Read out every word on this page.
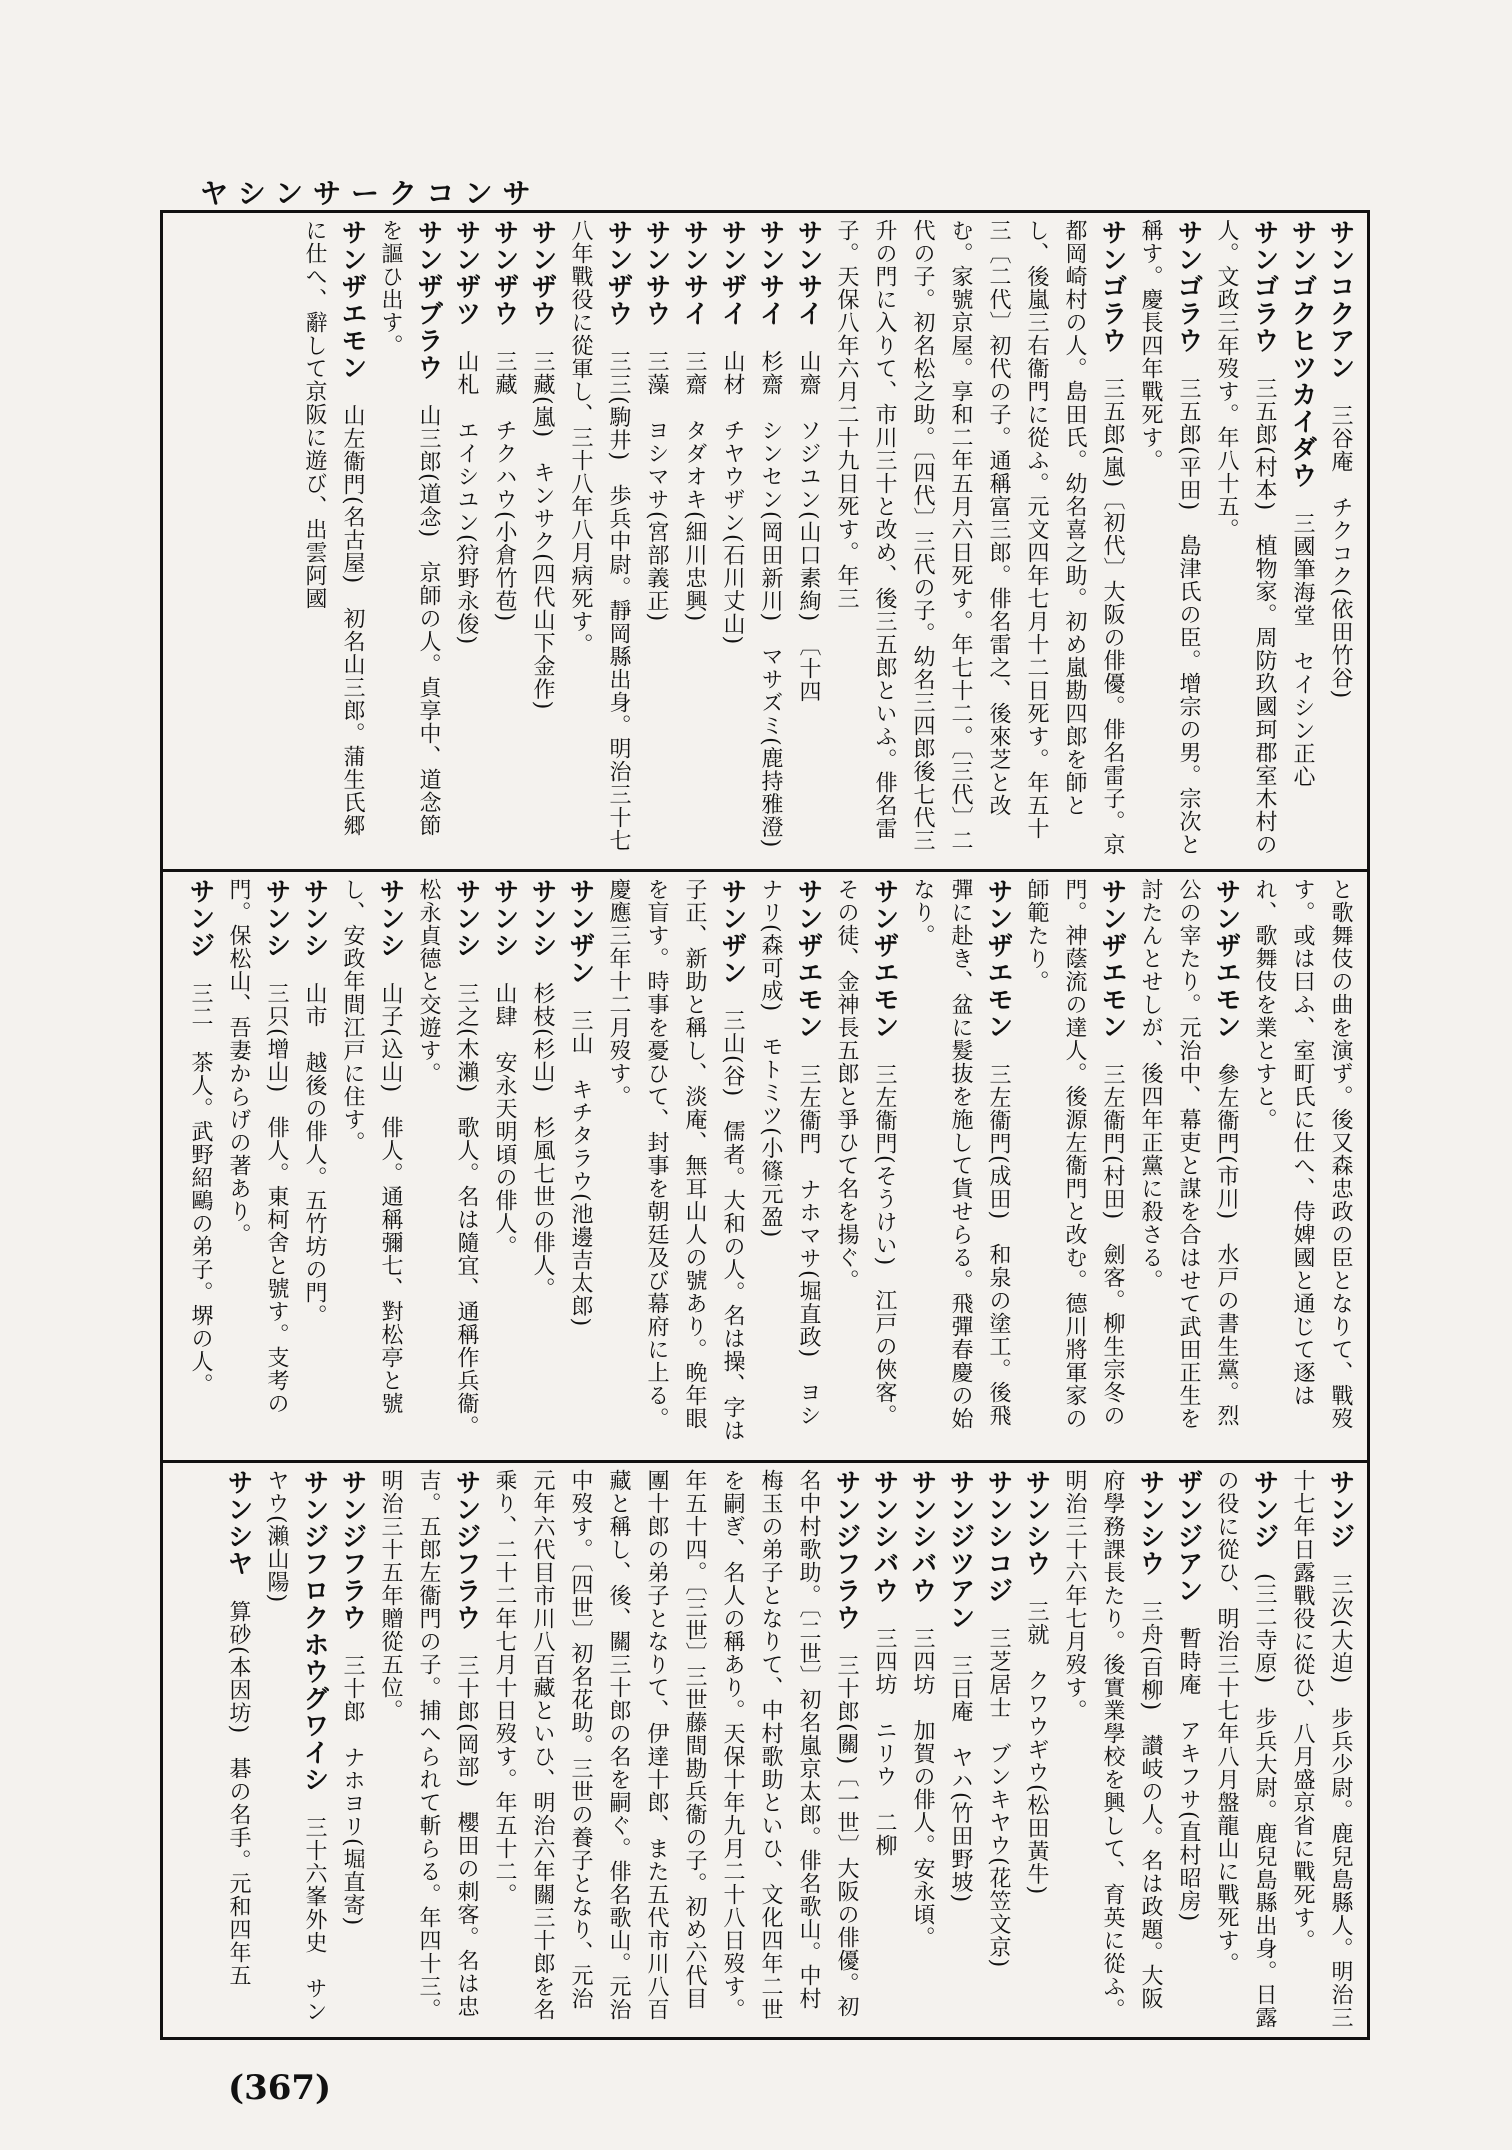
ヤシンサークコンサ
サンコクアン　三谷庵　チクコク(依田竹谷)
サンゴクヒツカイダウ　三國筆海堂　セイシン正心
サンゴラウ　三五郎(村本)　植物家。周防玖國珂郡室木村の人。文政三年歿す。年八十五。
サンゴラウ　三五郎(平田)　島津氏の臣。增宗の男。宗次と稱す。慶長四年戰死す。
サンゴラウ　三五郎(嵐)〔初代〕大阪の俳優。俳名雷子。京都岡崎村の人。島田氏。幼名喜之助。初め嵐勘四郎を師とし、後嵐三右衞門に從ふ。元文四年七月十二日死す。年五十三〔二代〕初代の子。通稱富三郎。俳名雷之、後來芝と改む。家號京屋。享和二年五月六日死す。年七十二。〔三代〕二代の子。初名松之助。〔四代〕三代の子。幼名三四郎後七代三升の門に入りて、市川三十と改め、後三五郎といふ。俳名雷子。天保八年六月二十九日死す。年三
サンサイ　山齋　ソジユン(山口素絢)　〔十四
サンサイ　杉齋　シンセン(岡田新川)　マサズミ(鹿持雅澄)
サンザイ　山材　チヤウザン(石川丈山)
サンサイ　三齋　タダオキ(細川忠興)
サンサウ　三藻　ヨシマサ(宮部義正)
サンザウ　三三(駒井)　歩兵中尉。靜岡縣出身。明治三十七八年戰役に從軍し、三十八年八月病死す。
サンザウ　三藏(嵐)　キンサク(四代山下金作)
サンザウ　三藏　チクハウ(小倉竹苞)
サンザツ　山札　エイシユン(狩野永俊)
サンザブラウ　山三郎(道念)　京師の人。貞享中、道念節を謳ひ出す。
サンザエモン　山左衞門(名古屋)　初名山三郎。蒲生氏郷に仕へ、辭して京阪に遊び、出雲阿國
と歌舞伎の曲を演ず。後又森忠政の臣となりて、戰歿す。或は曰ふ、室町氏に仕へ、侍婢國と通じて逐はれ、歌舞伎を業とすと。
サンザエモン　參左衞門(市川)　水戸の書生黨。烈公の宰たり。元治中、幕吏と謀を合はせて武田正生を討たんとせしが、後四年正黨に殺さる。
サンザエモン　三左衞門(村田)　劍客。柳生宗冬の門。神蔭流の達人。後源左衞門と改む。德川將軍家の師範たり。
サンザエモン　三左衞門(成田)　和泉の塗工。後飛彈に赴き、盆に髮抜を施して貨せらる。飛彈春慶の始なり。
サンザエモン　三左衞門(そうけい)　江戸の俠客。その徒、金神長五郎と爭ひて名を揚ぐ。
サンザエモン　三左衞門　ナホマサ(堀直政)　ヨシナリ(森可成)　モトミツ(小篠元盈)
サンザン　三山(谷)　儒者。大和の人。名は操、字は子正、新助と稱し、淡庵、無耳山人の號あり。晩年眼を盲す。時事を憂ひて、封事を朝廷及び幕府に上る。慶應三年十二月歿す。
サンザン　三山　キチタラウ(池邊吉太郎)
サンシ　杉枝(杉山)　杉風七世の俳人。
サンシ　山肆　安永天明頃の俳人。
サンシ　三之(木瀨)　歌人。名は隨宜、通稱作兵衞。松永貞德と交遊す。
サンシ　山子(込山)　俳人。通稱彌七、對松亭と號し、安政年間江戸に住す。
サンシ　山市　越後の俳人。五竹坊の門。
サンシ　三只(增山)　俳人。東柯舍と號す。支考の門。保松山、吾妻からげの著あり。
サンジ　三二　茶人。武野紹鷗の弟子。堺の人。
サンジ　三次(大迫)　步兵少尉。鹿兒島縣人。明治三十七年日露戰役に從ひ、八月盛京省に戰死す。
サンジ　(三二寺原)　步兵大尉。鹿兒島縣出身。日露の役に從ひ、明治三十七年八月盤龍山に戰死す。
ザンジアン　暫時庵　アキフサ(直村昭房)
サンシウ　三舟(百柳)　讃岐の人。名は政題。大阪府學務課長たり。後實業學校を興して、育英に從ふ。明治三十六年七月歿す。
サンシウ　三就　クワウギウ(松田黃牛)
サンシコジ　三芝居士　ブンキヤウ(花笠文京)
サンジツアン　三日庵　ヤハ(竹田野坡)
サンシバウ　三四坊　加賀の俳人。安永頃。
サンシバウ　三四坊　ニリウ　二柳
サンジフラウ　三十郎(關)〔一世〕大阪の俳優。初名中村歌助。〔二世〕初名嵐京太郎。俳名歌山。中村梅玉の弟子となりて、中村歌助といひ、文化四年二世を嗣ぎ、名人の稱あり。天保十年九月二十八日歿す。年五十四。〔三世〕三世藤間勘兵衞の子。初め六代目團十郎の弟子となりて、伊達十郎、また五代市川八百藏と稱し、後、關三十郎の名を嗣ぐ。俳名歌山。元治中歿す。〔四世〕初名花助。三世の養子となり、元治元年六代目市川八百藏といひ、明治六年關三十郎を名乘り、二十二年七月十日歿す。年五十二。
サンジフラウ　三十郎(岡部)　櫻田の刺客。名は忠吉。五郎左衞門の子。捕へられて斬らる。年四十三。明治三十五年贈從五位。
サンジフラウ　三十郎　ナホヨリ(堀直寄)
サンジフロクホウグワイシ　三十六峯外史　サンヤウ(瀨山陽)
サンシヤ　算砂(本因坊)　碁の名手。元和四年五
(367)
